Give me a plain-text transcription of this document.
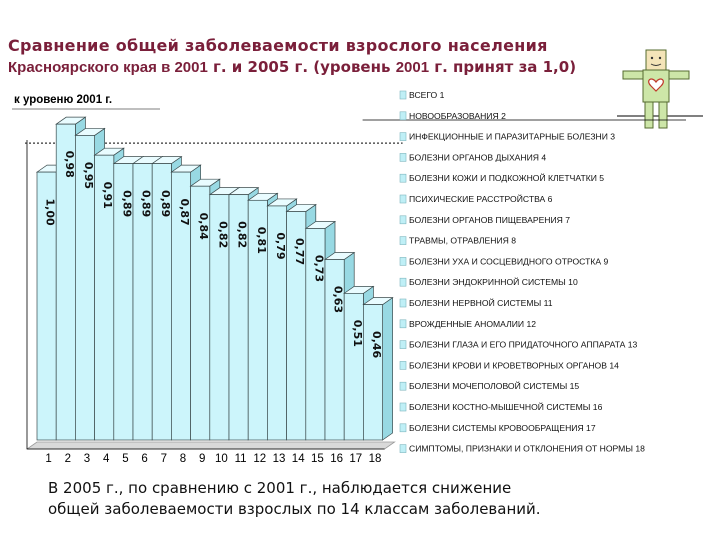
Сравнение общей заболеваемости взрослого населения
Красноярского края в 2001 г. и 2005 г. (уровень 2001 г. принят за 1,0)
1,00
0,98 0,95
0,91 0,89 0,89 0,89 0,87
0,84 0,82 0,82 0,81 0,79 0,77
0,73
0,63
0,51 0,46
1 2 3 4 5 6 7 8 9 10 11 12 13 14 15 16 17 18
ВСЕГО 1
НОВООБРАЗОВАНИЯ 2
ИНФЕКЦИОННЫЕ И ПАРАЗИТАРНЫЕ БОЛЕЗНИ 3
БОЛЕЗНИ ОРГАНОВ ДЫХАНИЯ 4
БОЛЕЗНИ КОЖИ И ПОДКОЖНОЙ КЛЕТЧАТКИ 5
ПСИХИЧЕСКИЕ РАССТРОЙСТВА 6
БОЛЕЗНИ ОРГАНОВ ПИЩЕВАРЕНИЯ 7
ТРАВМЫ, ОТРАВЛЕНИЯ 8
БОЛЕЗНИ УХА И СОСЦЕВИДНОГО ОТРОСТКА 9
БОЛЕЗНИ ЭНДОКРИННОЙ СИСТЕМЫ 10
БОЛЕЗНИ НЕРВНОЙ СИСТЕМЫ 11
ВРОЖДЕННЫЕ АНОМАЛИИ 12
БОЛЕЗНИ ГЛАЗА И ЕГО ПРИДАТОЧНОГО АППАРАТА 13
БОЛЕЗНИ КРОВИ И КРОВЕТВОРНЫХ ОРГАНОВ 14
БОЛЕЗНИ МОЧЕПОЛОВОЙ СИСТЕМЫ 15
БОЛЕЗНИ КОСТНО-МЫШЕЧНОЙ СИСТЕМЫ 16
БОЛЕЗНИ СИСТЕМЫ КРОВООБРАЩЕНИЯ 17
СИМПТОМЫ, ПРИЗНАКИ И ОТКЛОНЕНИЯ ОТ НОРМЫ 18
к уровеню 2001 г.
В 2005 г., по сравнению с 2001 г., наблюдается снижение
общей заболеваемости взрослых по 14 классам заболеваний.
